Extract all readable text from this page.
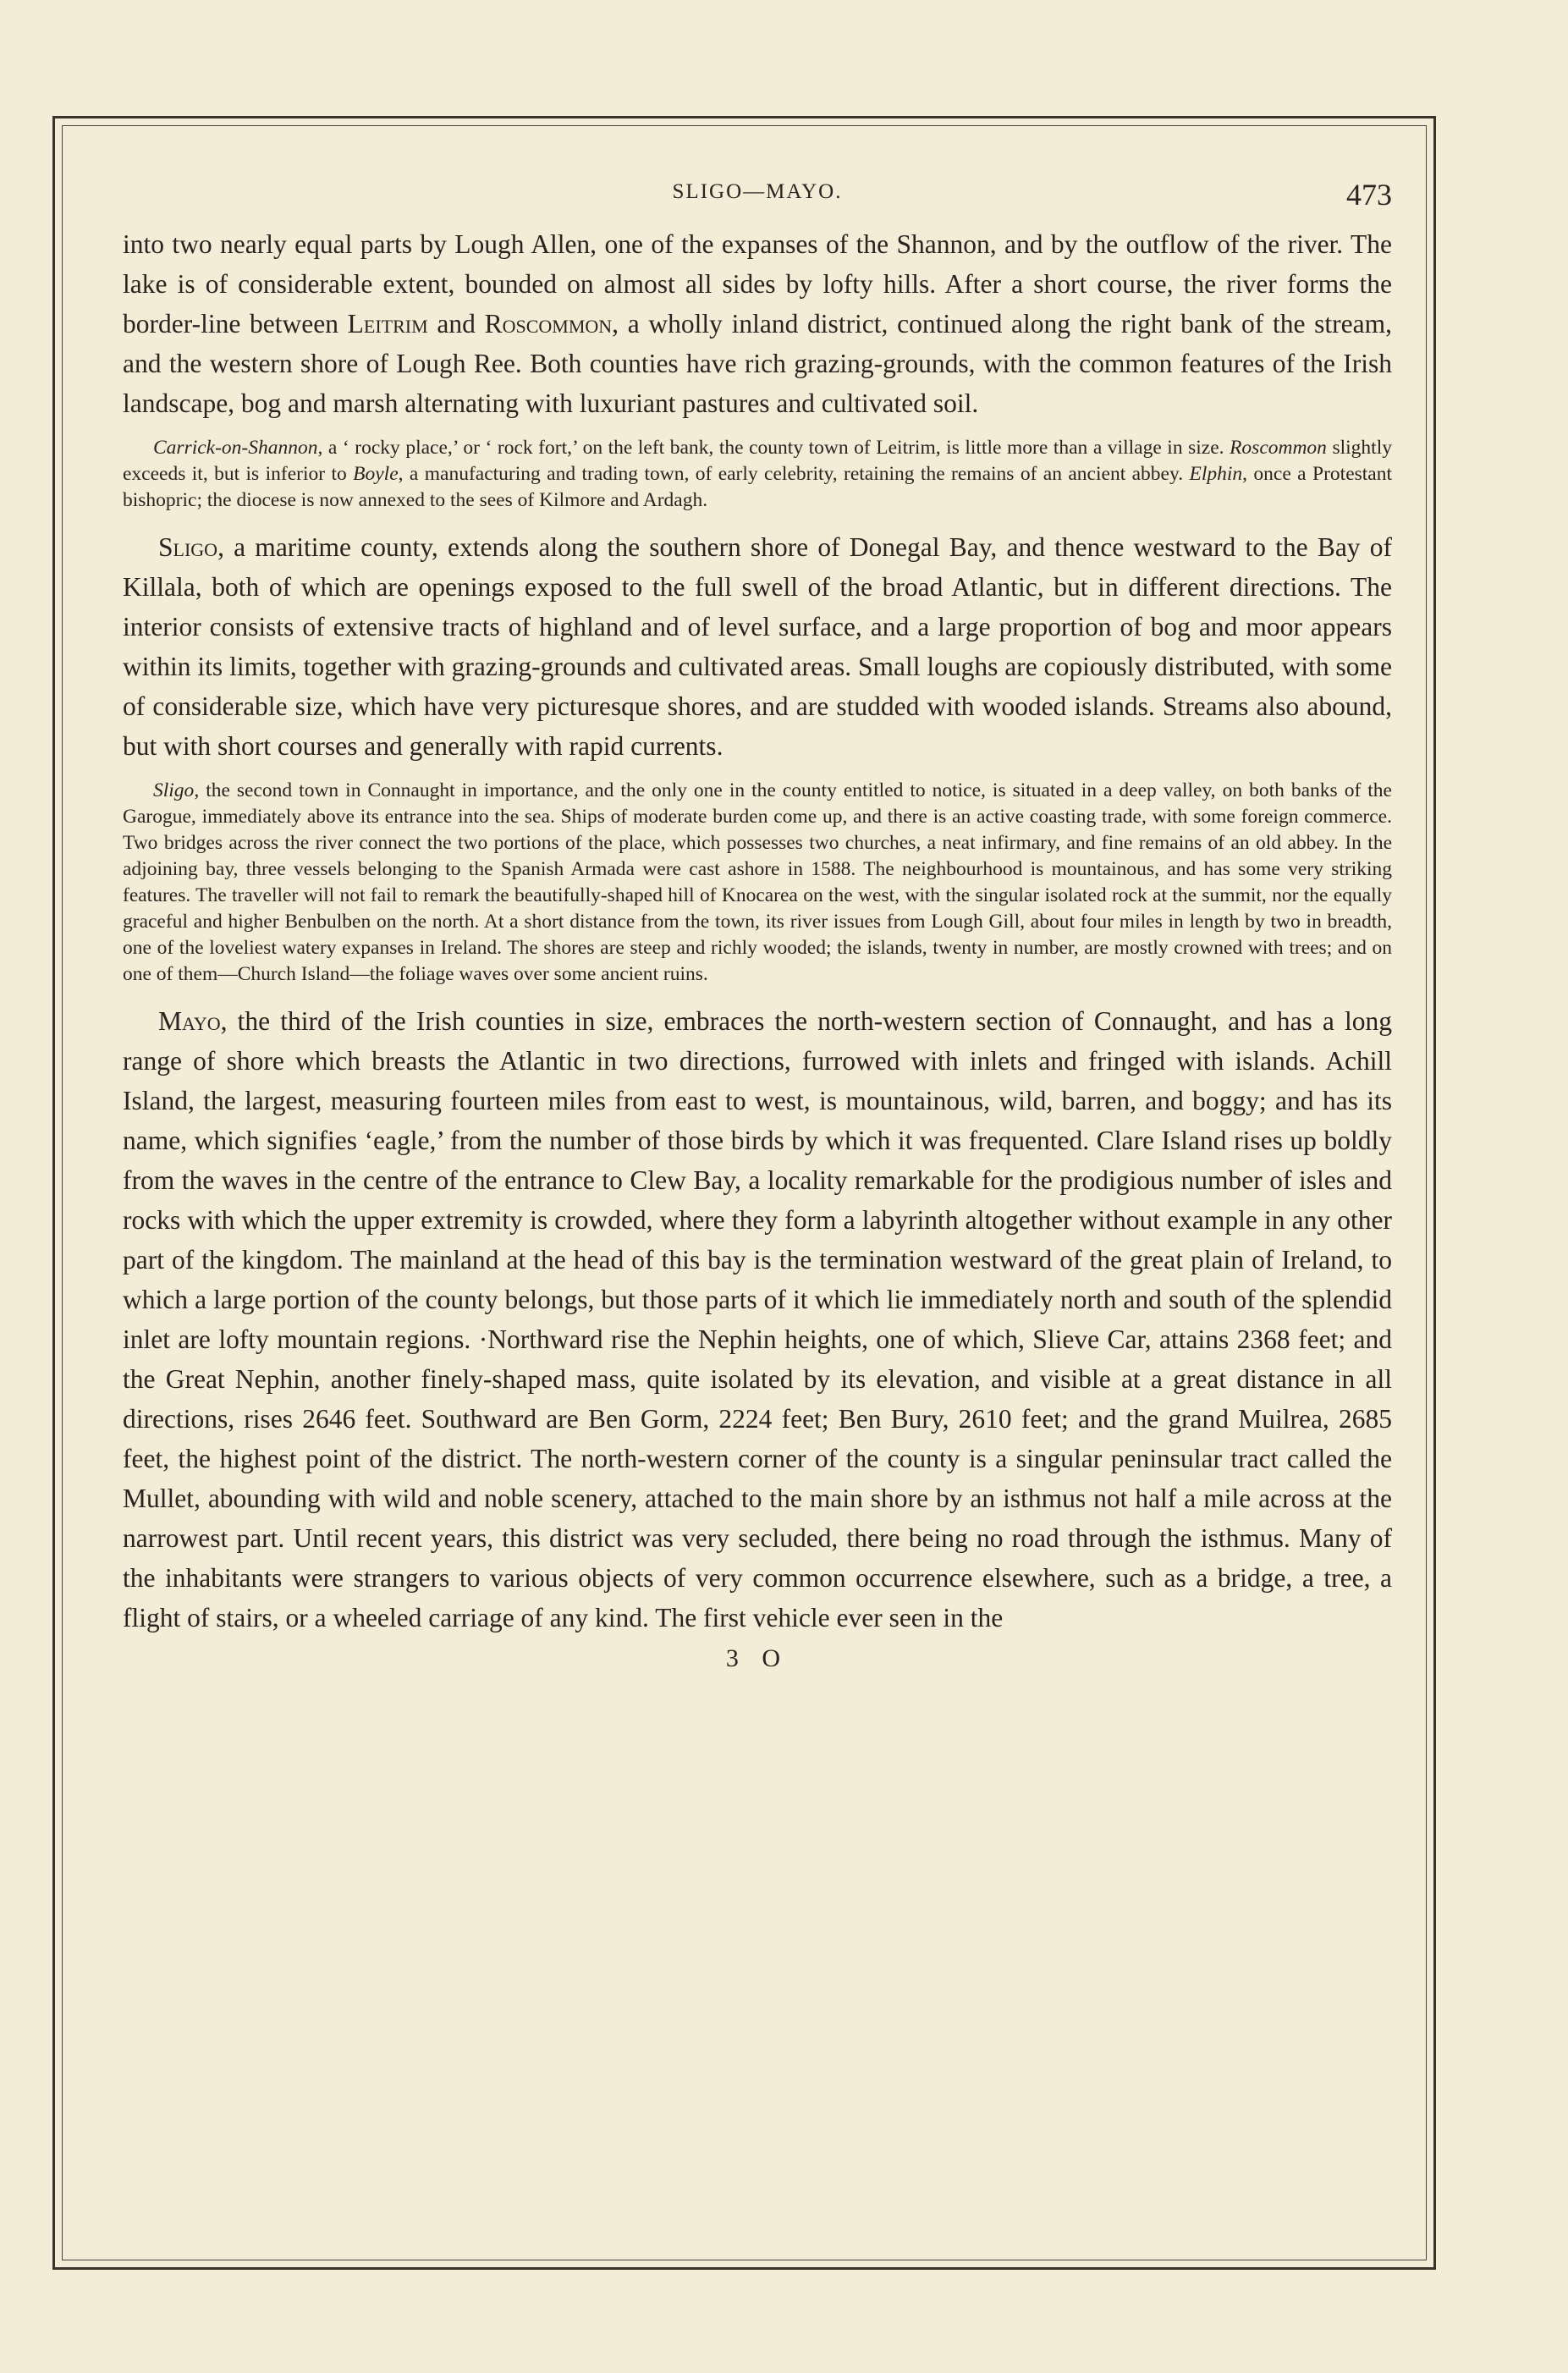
SLIGO—MAYO.	473

into two nearly equal parts by Lough Allen, one of the expanses of the Shannon, and by the outflow of the river. The lake is of considerable extent, bounded on almost all sides by lofty hills. After a short course, the river forms the border-line between Leitrim and Roscommon, a wholly inland district, continued along the right bank of the stream, and the western shore of Lough Ree. Both counties have rich grazing-grounds, with the common features of the Irish landscape, bog and marsh alternating with luxuriant pastures and cultivated soil.

Carrick-on-Shannon, a ‘ rocky place,’ or ‘ rock fort,’ on the left bank, the county town of Leitrim, is little more than a village in size. Roscommon slightly exceeds it, but is inferior to Boyle, a manufacturing and trading town, of early celebrity, retaining the remains of an ancient abbey. Elphin, once a Protestant bishopric; the diocese is now annexed to the sees of Kilmore and Ardagh.

Sligo, a maritime county, extends along the southern shore of Donegal Bay, and thence westward to the Bay of Killala, both of which are openings exposed to the full swell of the broad Atlantic, but in different directions. The interior consists of extensive tracts of highland and of level surface, and a large proportion of bog and moor appears within its limits, together with grazing-grounds and cultivated areas. Small loughs are copiously distributed, with some of considerable size, which have very picturesque shores, and are studded with wooded islands. Streams also abound, but with short courses and generally with rapid currents.

Sligo, the second town in Connaught in importance, and the only one in the county entitled to notice, is situated in a deep valley, on both banks of the Garogue, immediately above its entrance into the sea. Ships of moderate burden come up, and there is an active coasting trade, with some foreign commerce. Two bridges across the river connect the two portions of the place, which possesses two churches, a neat infirmary, and fine remains of an old abbey. In the adjoining bay, three vessels belonging to the Spanish Armada were cast ashore in 1588. The neighbourhood is mountainous, and has some very striking features. The traveller will not fail to remark the beautifully-shaped hill of Knocarea on the west, with the singular isolated rock at the summit, nor the equally graceful and higher Benbulben on the north. At a short distance from the town, its river issues from Lough Gill, about four miles in length by two in breadth, one of the loveliest watery expanses in Ireland. The shores are steep and richly wooded; the islands, twenty in number, are mostly crowned with trees; and on one of them—Church Island—the foliage waves over some ancient ruins.

Mayo, the third of the Irish counties in size, embraces the north-western section of Connaught, and has a long range of shore which breasts the Atlantic in two directions, furrowed with inlets and fringed with islands. Achill Island, the largest, measuring fourteen miles from east to west, is mountainous, wild, barren, and boggy; and has its name, which signifies ‘eagle,’ from the number of those birds by which it was frequented. Clare Island rises up boldly from the waves in the centre of the entrance to Clew Bay, a locality remarkable for the prodigious number of isles and rocks with which the upper extremity is crowded, where they form a labyrinth altogether without example in any other part of the kingdom. The mainland at the head of this bay is the termination westward of the great plain of Ireland, to which a large portion of the county belongs, but those parts of it which lie immediately north and south of the splendid inlet are lofty mountain regions. ·Northward rise the Nephin heights, one of which, Slieve Car, attains 2368 feet; and the Great Nephin, another finely-shaped mass, quite isolated by its elevation, and visible at a great distance in all directions, rises 2646 feet. Southward are Ben Gorm, 2224 feet; Ben Bury, 2610 feet; and the grand Muilrea, 2685 feet, the highest point of the district. The north-western corner of the county is a singular peninsular tract called the Mullet, abounding with wild and noble scenery, attached to the main shore by an isthmus not half a mile across at the narrowest part. Until recent years, this district was very secluded, there being no road through the isthmus. Many of the inhabitants were strangers to various objects of very common occurrence elsewhere, such as a bridge, a tree, a flight of stairs, or a wheeled carriage of any kind. The first vehicle ever seen in the

3 O
